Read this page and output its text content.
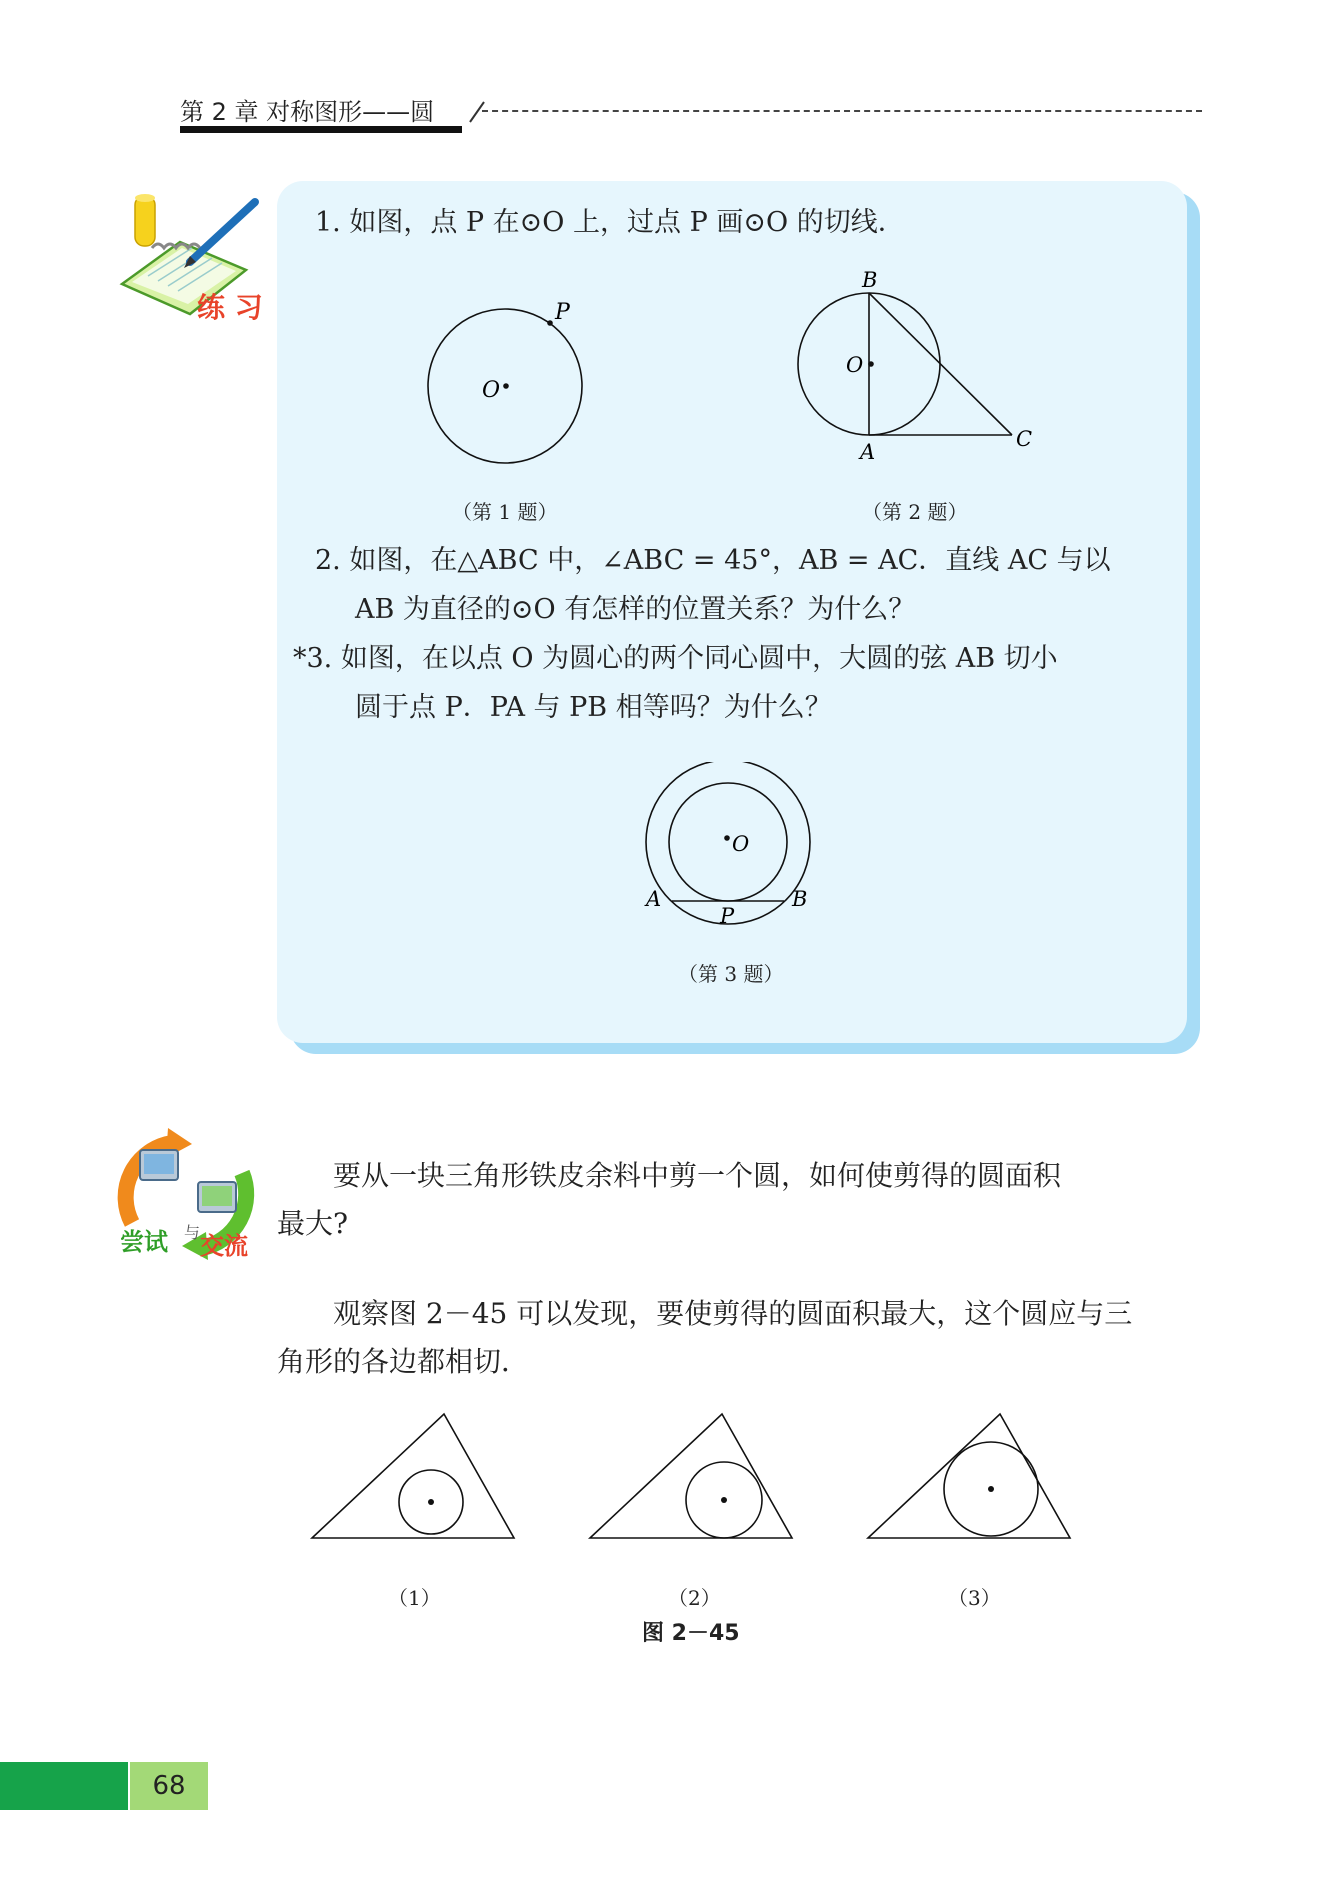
第 2 章 对称图形——圆
练 习
1. 如图，点 P 在⊙O 上，过点 P 画⊙O 的切线．
O
P
（第 1 题）
B
O
A
C
（第 2 题）
2. 如图，在△ABC 中，∠ABC = 45°，AB = AC．直线 AC 与以
AB 为直径的⊙O 有怎样的位置关系？为什么？
*3. 如图，在以点 O 为圆心的两个同心圆中，大圆的弦 AB 切小
圆于点 P．PA 与 PB 相等吗？为什么？
O
A	B
P
（第 3 题）
尝试 与 交流
要从一块三角形铁皮余料中剪一个圆，如何使剪得的圆面积
最大?
观察图 2－45 可以发现，要使剪得的圆面积最大，这个圆应与三
角形的各边都相切．
（1）	（2）	（3）
图 2－45
68
